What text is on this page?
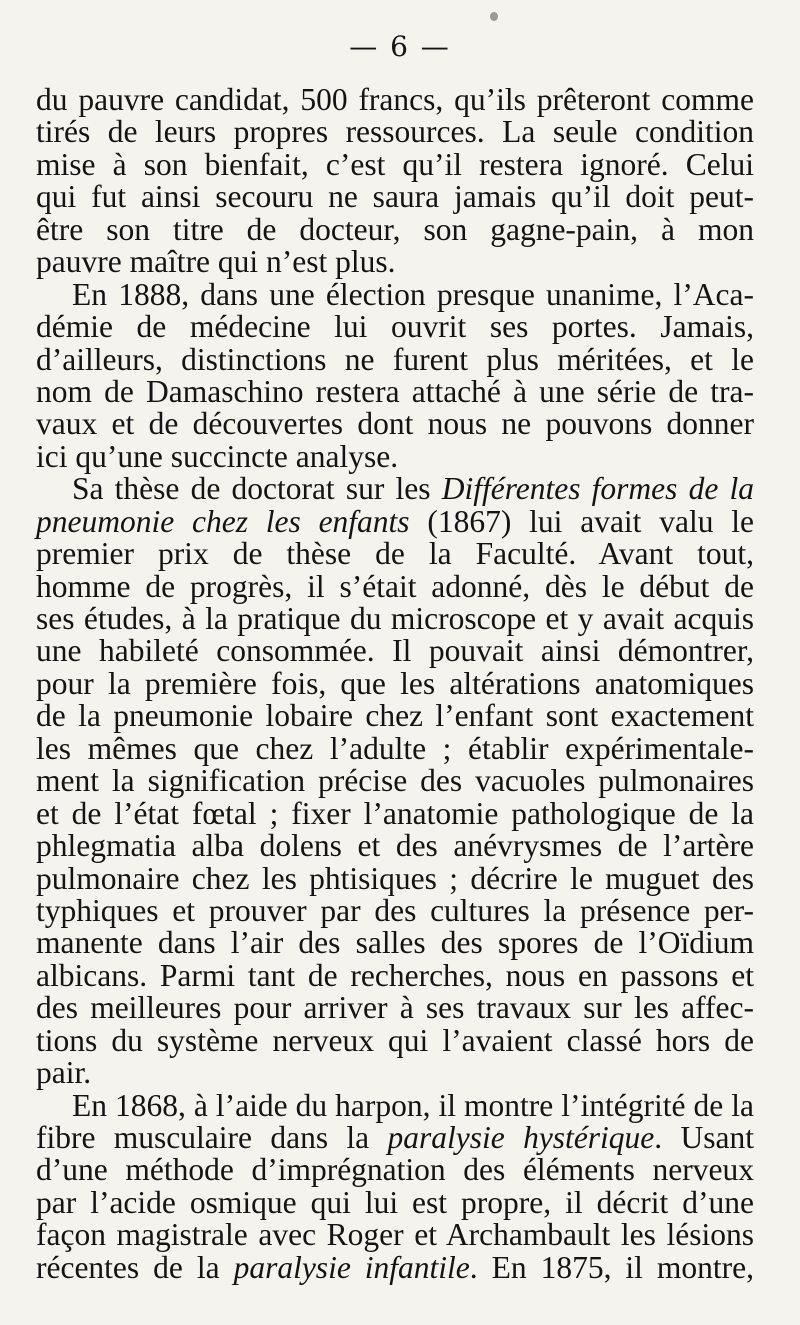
— 6 —
du pauvre candidat, 500 francs, qu’ils prêteront comme
tirés de leurs propres ressources. La seule condition
mise à son bienfait, c’est qu’il restera ignoré. Celui
qui fut ainsi secouru ne saura jamais qu’il doit peut-
être son titre de docteur, son gagne-pain, à mon
pauvre maître qui n’est plus.
En 1888, dans une élection presque unanime, l’Aca-
démie de médecine lui ouvrit ses portes. Jamais,
d’ailleurs, distinctions ne furent plus méritées, et le
nom de Damaschino restera attaché à une série de tra-
vaux et de découvertes dont nous ne pouvons donner
ici qu’une succincte analyse.
Sa thèse de doctorat sur les Différentes formes de la
pneumonie chez les enfants (1867) lui avait valu le
premier prix de thèse de la Faculté. Avant tout,
homme de progrès, il s’était adonné, dès le début de
ses études, à la pratique du microscope et y avait acquis
une habileté consommée. Il pouvait ainsi démontrer,
pour la première fois, que les altérations anatomiques
de la pneumonie lobaire chez l’enfant sont exactement
les mêmes que chez l’adulte ; établir expérimentale-
ment la signification précise des vacuoles pulmonaires
et de l’état fœtal ; fixer l’anatomie pathologique de la
phlegmatia alba dolens et des anévrysmes de l’artère
pulmonaire chez les phtisiques ; décrire le muguet des
typhiques et prouver par des cultures la présence per-
manente dans l’air des salles des spores de l’Oïdium
albicans. Parmi tant de recherches, nous en passons et
des meilleures pour arriver à ses travaux sur les affec-
tions du système nerveux qui l’avaient classé hors de
pair.
En 1868, à l’aide du harpon, il montre l’intégrité de la
fibre musculaire dans la paralysie hystérique. Usant
d’une méthode d’imprégnation des éléments nerveux
par l’acide osmique qui lui est propre, il décrit d’une
façon magistrale avec Roger et Archambault les lésions
récentes de la paralysie infantile. En 1875, il montre,
